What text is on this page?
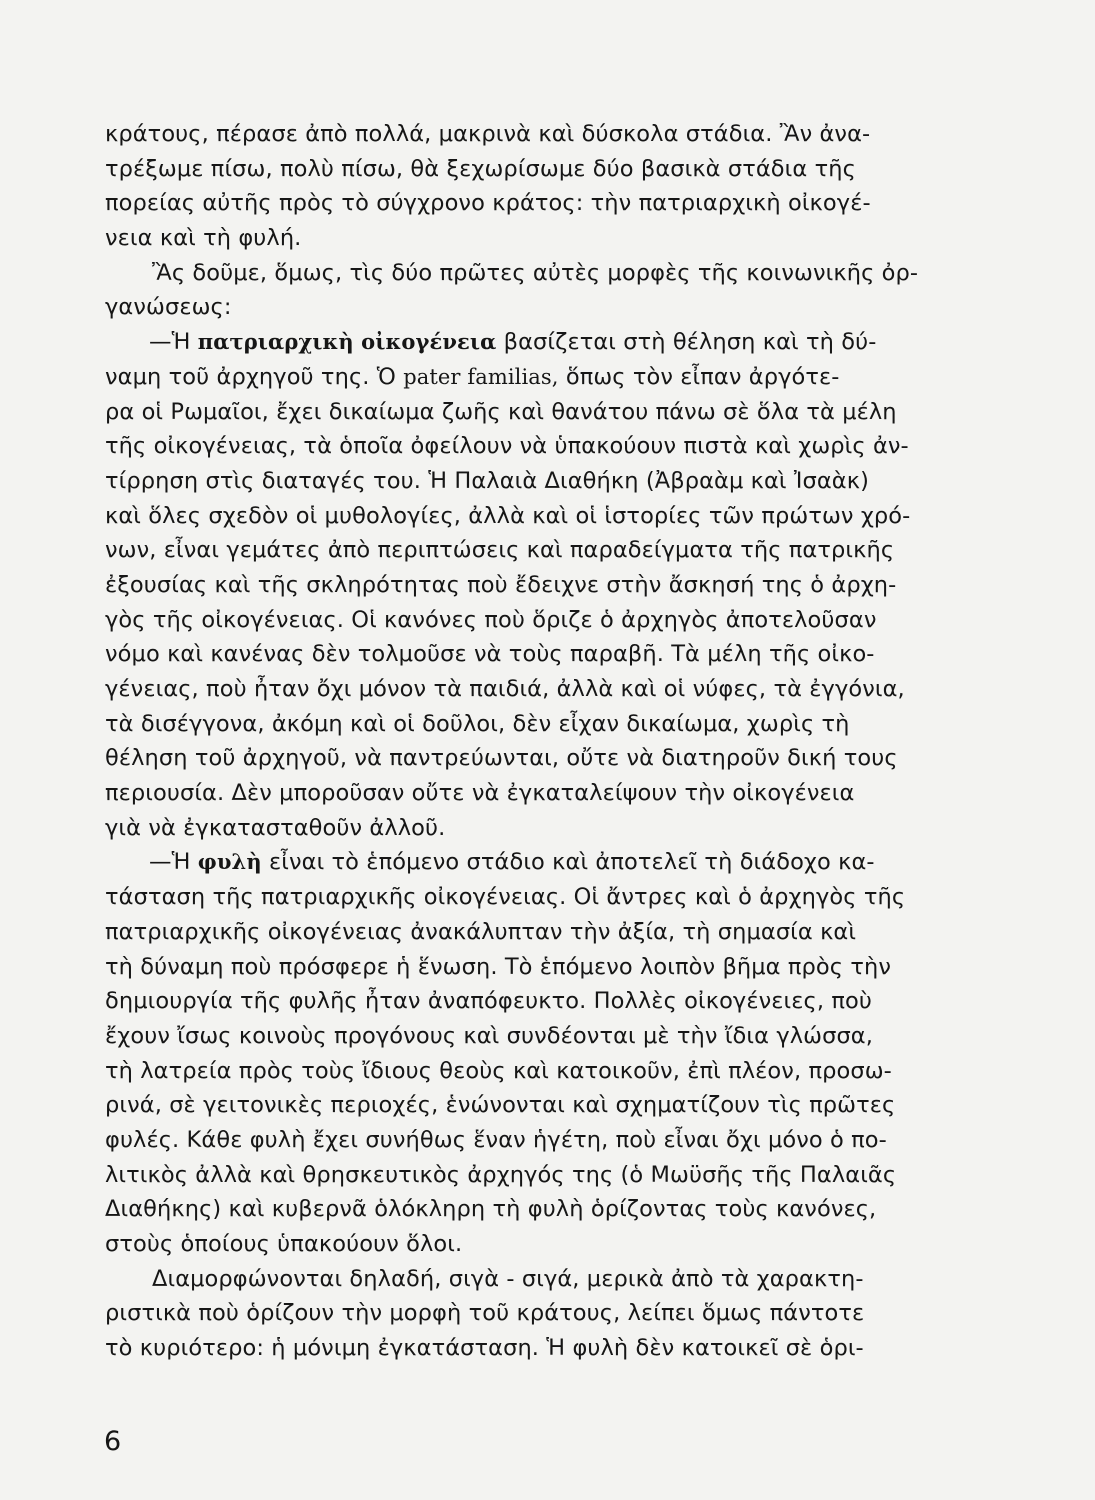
κράτους, πέρασε ἀπὸ πολλά, μακρινὰ καὶ δύσκολα στάδια. Ἂν ἀνα-
τρέξωμε πίσω, πολὺ πίσω, θὰ ξεχωρίσωμε δύο βασικὰ στάδια τῆς
πορείας αὐτῆς πρὸς τὸ σύγχρονο κράτος: τὴν πατριαρχικὴ οἰκογέ-
νεια καὶ τὴ φυλή.
Ἂς δοῦμε, ὅμως, τὶς δύο πρῶτες αὐτὲς μορφὲς τῆς κοινωνικῆς ὀρ-
γανώσεως:
—Ἡ πατριαρχικὴ οἰκογένεια βασίζεται στὴ θέληση καὶ τὴ δύ-
ναμη τοῦ ἀρχηγοῦ της. Ὁ pater familias, ὅπως τὸν εἶπαν ἀργότε-
ρα οἱ Ρωμαῖοι, ἔχει δικαίωμα ζωῆς καὶ θανάτου πάνω σὲ ὅλα τὰ μέλη
τῆς οἰκογένειας, τὰ ὁποῖα ὀφείλουν νὰ ὑπακούουν πιστὰ καὶ χωρὶς ἀν-
τίρρηση στὶς διαταγές του. Ἡ Παλαιὰ Διαθήκη (Ἀβραὰμ καὶ Ἰσαὰκ)
καὶ ὅλες σχεδὸν οἱ μυθολογίες, ἀλλὰ καὶ οἱ ἱστορίες τῶν πρώτων χρό-
νων, εἶναι γεμάτες ἀπὸ περιπτώσεις καὶ παραδείγματα τῆς πατρικῆς
ἐξουσίας καὶ τῆς σκληρότητας ποὺ ἔδειχνε στὴν ἄσκησή της ὁ ἀρχη-
γὸς τῆς οἰκογένειας. Οἱ κανόνες ποὺ ὅριζε ὁ ἀρχηγὸς ἀποτελοῦσαν
νόμο καὶ κανένας δὲν τολμοῦσε νὰ τοὺς παραβῆ. Τὰ μέλη τῆς οἰκο-
γένειας, ποὺ ἦταν ὄχι μόνον τὰ παιδιά, ἀλλὰ καὶ οἱ νύφες, τὰ ἐγγόνια,
τὰ δισέγγονα, ἀκόμη καὶ οἱ δοῦλοι, δὲν εἶχαν δικαίωμα, χωρὶς τὴ
θέληση τοῦ ἀρχηγοῦ, νὰ παντρεύωνται, οὔτε νὰ διατηροῦν δική τους
περιουσία. Δὲν μποροῦσαν οὔτε νὰ ἐγκαταλείψουν τὴν οἰκογένεια
γιὰ νὰ ἐγκατασταθοῦν ἀλλοῦ.
—Ἡ φυλὴ εἶναι τὸ ἑπόμενο στάδιο καὶ ἀποτελεῖ τὴ διάδοχο κα-
τάσταση τῆς πατριαρχικῆς οἰκογένειας. Οἱ ἄντρες καὶ ὁ ἀρχηγὸς τῆς
πατριαρχικῆς οἰκογένειας ἀνακάλυπταν τὴν ἀξία, τὴ σημασία καὶ
τὴ δύναμη ποὺ πρόσφερε ἡ ἕνωση. Τὸ ἑπόμενο λοιπὸν βῆμα πρὸς τὴν
δημιουργία τῆς φυλῆς ἦταν ἀναπόφευκτο. Πολλὲς οἰκογένειες, ποὺ
ἔχουν ἴσως κοινοὺς προγόνους καὶ συνδέονται μὲ τὴν ἴδια γλώσσα,
τὴ λατρεία πρὸς τοὺς ἴδιους θεοὺς καὶ κατοικοῦν, ἐπὶ πλέον, προσω-
ρινά, σὲ γειτονικὲς περιοχές, ἑνώνονται καὶ σχηματίζουν τὶς πρῶτες
φυλές. Κάθε φυλὴ ἔχει συνήθως ἕναν ἡγέτη, ποὺ εἶναι ὄχι μόνο ὁ πο-
λιτικὸς ἀλλὰ καὶ θρησκευτικὸς ἀρχηγός της (ὁ Μωϋσῆς τῆς Παλαιᾶς
Διαθήκης) καὶ κυβερνᾶ ὁλόκληρη τὴ φυλὴ ὁρίζοντας τοὺς κανόνες,
στοὺς ὁποίους ὑπακούουν ὅλοι.
Διαμορφώνονται δηλαδή, σιγὰ - σιγά, μερικὰ ἀπὸ τὰ χαρακτη-
ριστικὰ ποὺ ὁρίζουν τὴν μορφὴ τοῦ κράτους, λείπει ὅμως πάντοτε
τὸ κυριότερο: ἡ μόνιμη ἐγκατάσταση. Ἡ φυλὴ δὲν κατοικεῖ σὲ ὁρι-
6
